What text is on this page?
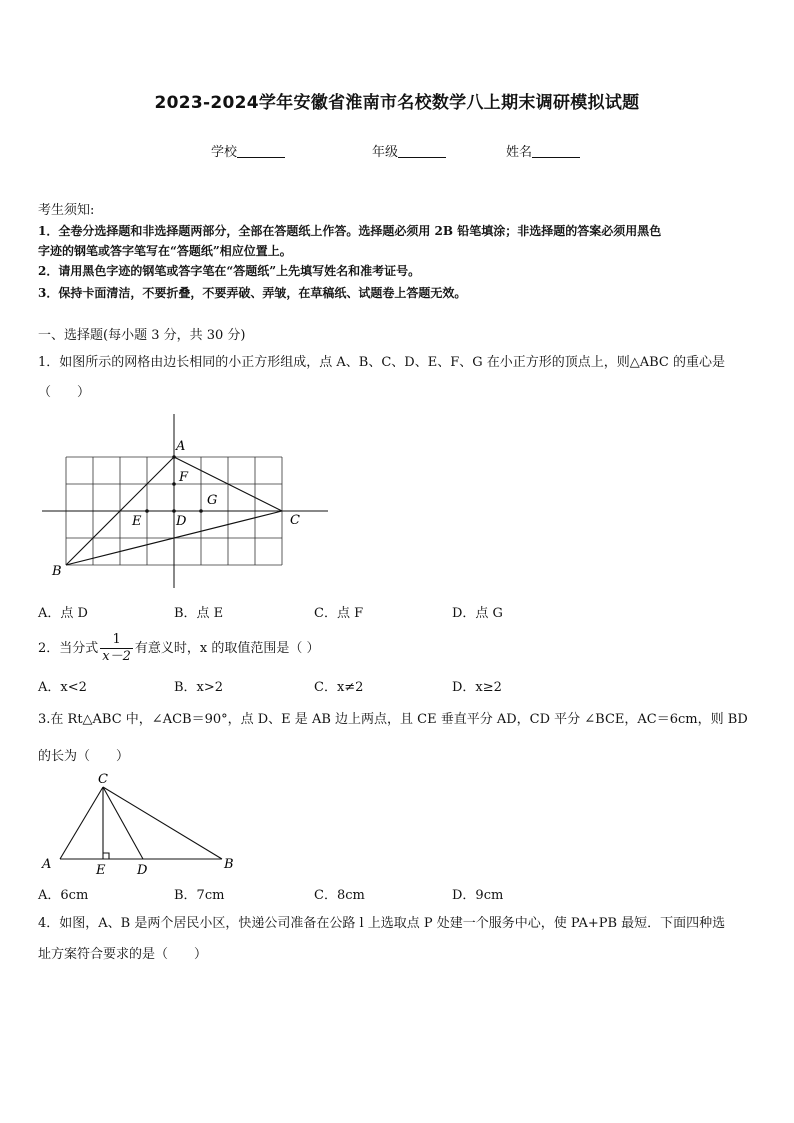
2023-2024学年安徽省淮南市名校数学八上期末调研模拟试题
学校	年级	姓名
考生须知:
1．全卷分选择题和非选择题两部分，全部在答题纸上作答。选择题必须用 2B 铅笔填涂；非选择题的答案必须用黑色
字迹的钢笔或答字笔写在“答题纸”相应位置上。
2．请用黑色字迹的钢笔或答字笔在“答题纸”上先填写姓名和准考证号。
3．保持卡面清洁，不要折叠，不要弄破、弄皱，在草稿纸、试题卷上答题无效。
一、选择题(每小题 3 分，共 30 分)
1．如图所示的网格由边长相同的小正方形组成，点 A、B、C、D、E、F、G 在小正方形的顶点上，则△ABC 的重心是
（　　）
A
B
C
D
E
F
G
A．点 D	B．点 E	C．点 F	D．点 G
2．当分式 $\frac{1}{x-2}$ 有意义时，x 的取值范围是（ ）
A．x<2	B．x>2	C．x≠2	D．x≥2
3.在 Rt△ABC 中，∠ACB＝90°，点 D、E 是 AB 边上两点，且 CE 垂直平分 AD，CD 平分 ∠BCE，AC＝6cm，则 BD
的长为（　　）
C
A	B
E D
A．6cm	B．7cm	C．8cm	D．9cm
4．如图，A、B 是两个居民小区，快递公司准备在公路 l 上选取点 P 处建一个服务中心，使 PA+PB 最短．下面四种选
址方案符合要求的是（　　）
